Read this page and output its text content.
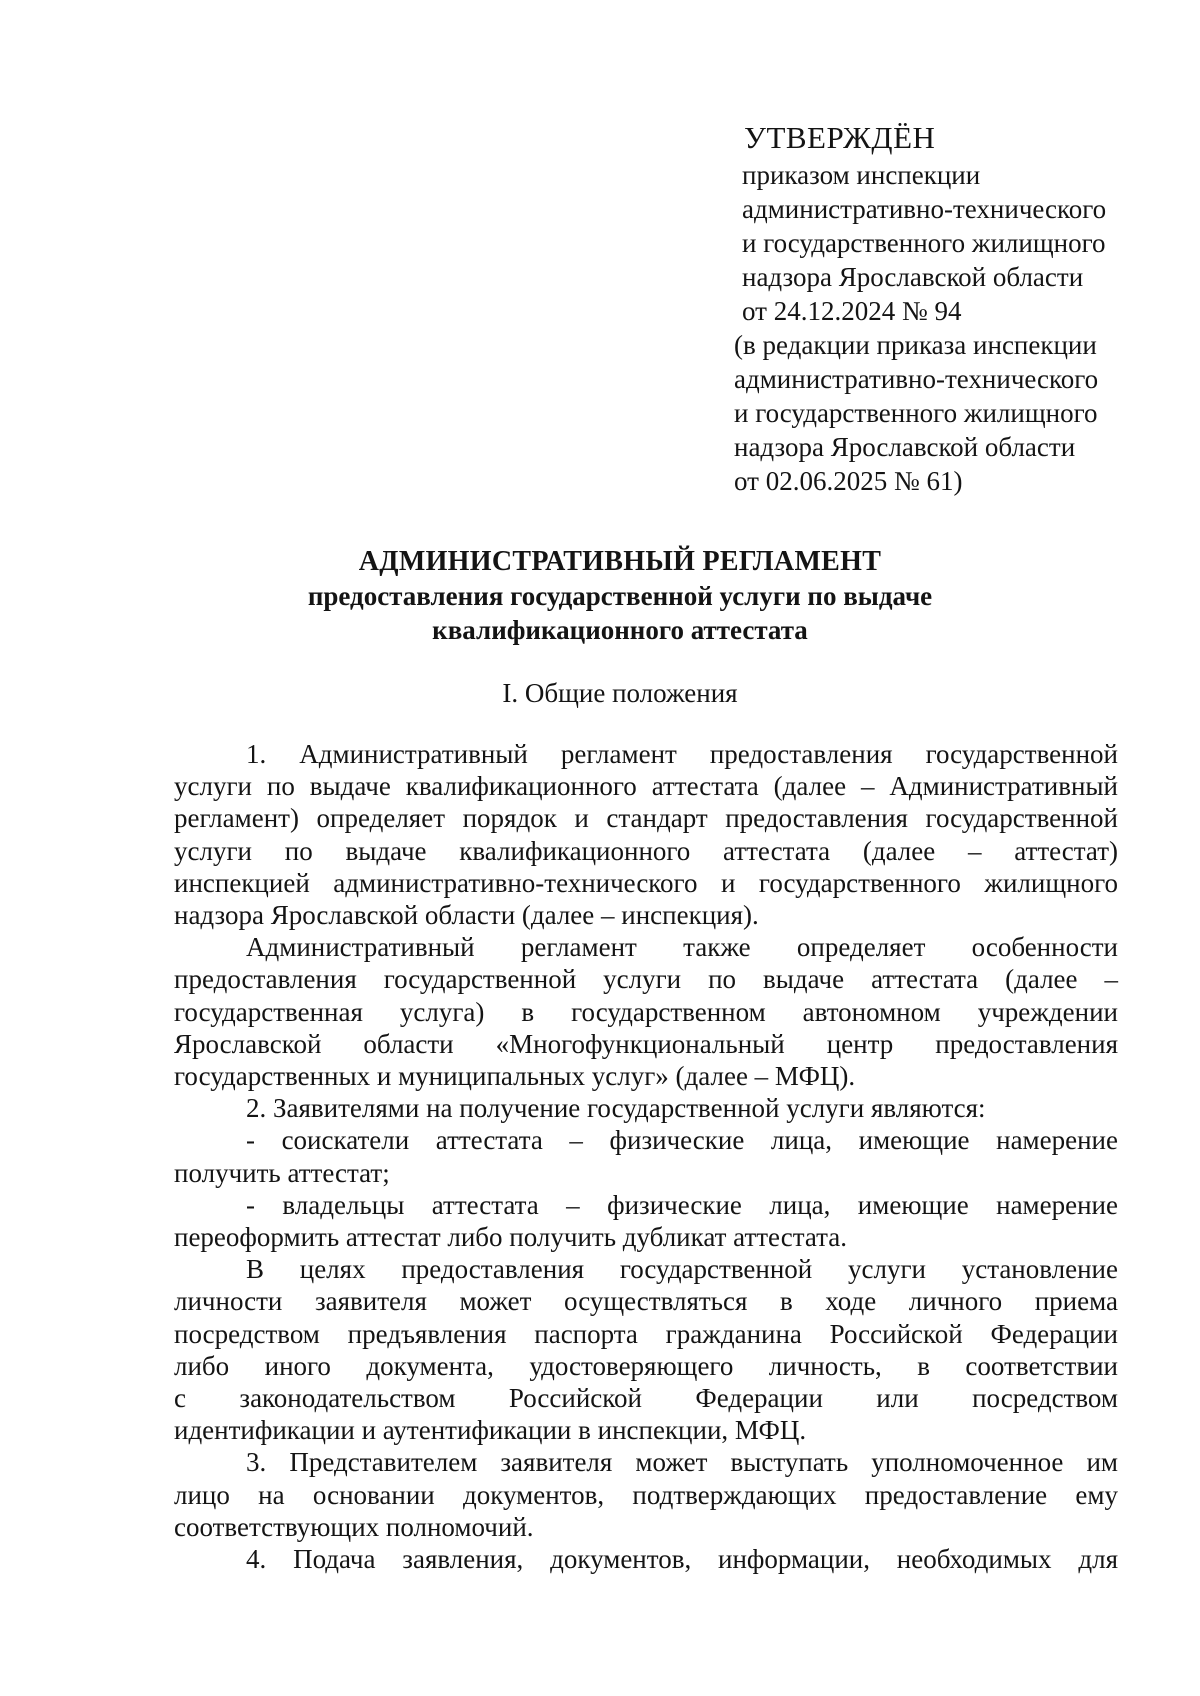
УТВЕРЖДЁН
приказом инспекции
административно-технического
и государственного жилищного
надзора Ярославской области
от 24.12.2024 № 94
(в редакции приказа инспекции
административно-технического
и государственного жилищного
надзора Ярославской области
от 02.06.2025 № 61)
АДМИНИСТРАТИВНЫЙ РЕГЛАМЕНТ
предоставления государственной услуги по выдаче
квалификационного аттестата
I. Общие положения
1. Административный регламент предоставления государственной
услуги по выдаче квалификационного аттестата (далее – Административный
регламент) определяет порядок и стандарт предоставления государственной
услуги по выдаче квалификационного аттестата (далее – аттестат)
инспекцией административно-технического и государственного жилищного
надзора Ярославской области (далее – инспекция).
Административный регламент также определяет особенности
предоставления государственной услуги по выдаче аттестата (далее –
государственная услуга) в государственном автономном учреждении
Ярославской области «Многофункциональный центр предоставления
государственных и муниципальных услуг» (далее – МФЦ).
2. Заявителями на получение государственной услуги являются:
- соискатели аттестата – физические лица, имеющие намерение
получить аттестат;
- владельцы аттестата – физические лица, имеющие намерение
переоформить аттестат либо получить дубликат аттестата.
В целях предоставления государственной услуги установление
личности заявителя может осуществляться в ходе личного приема
посредством предъявления паспорта гражданина Российской Федерации
либо иного документа, удостоверяющего личность, в соответствии
с законодательством Российской Федерации или посредством
идентификации и аутентификации в инспекции, МФЦ.
3. Представителем заявителя может выступать уполномоченное им
лицо на основании документов, подтверждающих предоставление ему
соответствующих полномочий.
4. Подача заявления, документов, информации, необходимых для
